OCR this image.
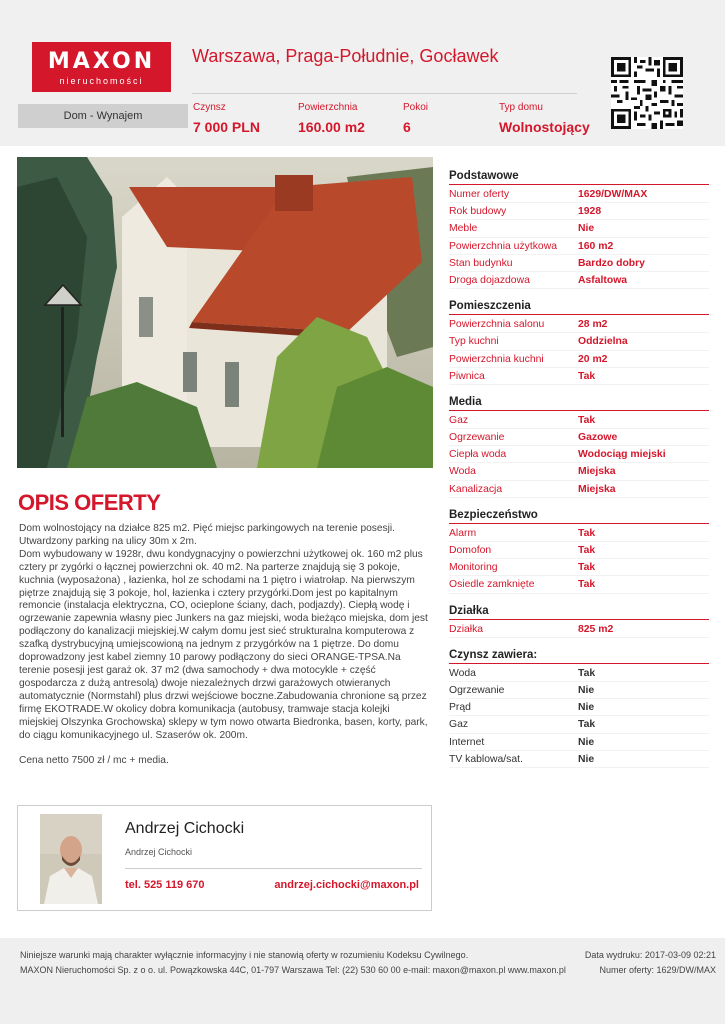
MAXON
nieruchomości
Warszawa, Praga-Południe, Gocławek
Dom - Wynajem
Czynsz
7 000 PLN
Powierzchnia
160.00 m2
Pokoi
6
Typ domu
Wolnostojący
OPIS OFERTY
Dom wolnostojący na działce 825 m2. Pięć miejsc parkingowych na terenie posesji. Utwardzony parking na ulicy 30m x 2m.
Dom wybudowany w 1928r, dwu kondygnacyjny o powierzchni użytkowej ok. 160 m2 plus cztery pr zygórki o łącznej powierzchni ok. 40 m2. Na parterze znajdują się 3 pokoje, kuchnia (wyposażona) , łazienka, hol ze schodami na 1 piętro i wiatrołap. Na pierwszym piętrze znajdują się 3 pokoje, hol, łazienka i cztery przygórki.Dom jest po kapitalnym remoncie (instalacja elektryczna, CO, ocieplone ściany, dach, podjazdy). Ciepłą wodę i ogrzewanie zapewnia własny piec Junkers na gaz miejski, woda bieżąco miejska, dom jest podłączony do kanalizacji miejskiej.W całym domu jest sieć strukturalna komputerowa z szafką dystrybucyjną umiejscowioną na jednym z przygórków na 1 piętrze. Do domu doprowadzony jest kabel ziemny 10 parowy podłączony do sieci ORANGE-TPSA.Na terenie posesji jest garaż ok. 37 m2 (dwa samochody + dwa motocykle + część gospodarcza z dużą antresolą) dwoje niezależnych drzwi garażowych otwieranych automatycznie (Normstahl) plus drzwi wejściowe boczne.Zabudowania chronione są przez firmę EKOTRADE.W okolicy dobra komunikacja (autobusy, tramwaje stacja kolejki miejskiej Olszynka Grochowska) sklepy w tym nowo otwarta Biedronka, basen, korty, park,  do ciągu komunikacyjnego ul. Szaserów ok. 200m.

Cena netto 7500 zł / mc + media.
Andrzej Cichocki
Andrzej Cichocki
tel. 525 119 670	andrzej.cichocki@maxon.pl
Podstawowe
Numer oferty	1629/DW/MAX
Rok budowy	1928
Meble	Nie
Powierzchnia użytkowa	160 m2
Stan budynku	Bardzo dobry
Droga dojazdowa	Asfaltowa
Pomieszczenia
Powierzchnia salonu	28 m2
Typ kuchni	Oddzielna
Powierzchnia kuchni	20 m2
Piwnica	Tak
Media
Gaz	Tak
Ogrzewanie	Gazowe
Ciepła woda	Wodociąg miejski
Woda	Miejska
Kanalizacja	Miejska
Bezpieczeństwo
Alarm	Tak
Domofon	Tak
Monitoring	Tak
Osiedle zamknięte	Tak
Działka
Działka	825 m2
Czynsz zawiera:
Woda	Tak
Ogrzewanie	Nie
Prąd	Nie
Gaz	Tak
Internet	Nie
TV kablowa/sat.	Nie
Niniejsze warunki mają charakter wyłącznie informacyjny i nie stanowią oferty w rozumieniu Kodeksu Cywilnego.
MAXON Nieruchomości Sp. z o o. ul. Powązkowska 44C, 01-797 Warszawa Tel: (22) 530 60 00 e-mail: maxon@maxon.pl www.maxon.pl
Data wydruku: 2017-03-09 02:21
Numer oferty: 1629/DW/MAX
